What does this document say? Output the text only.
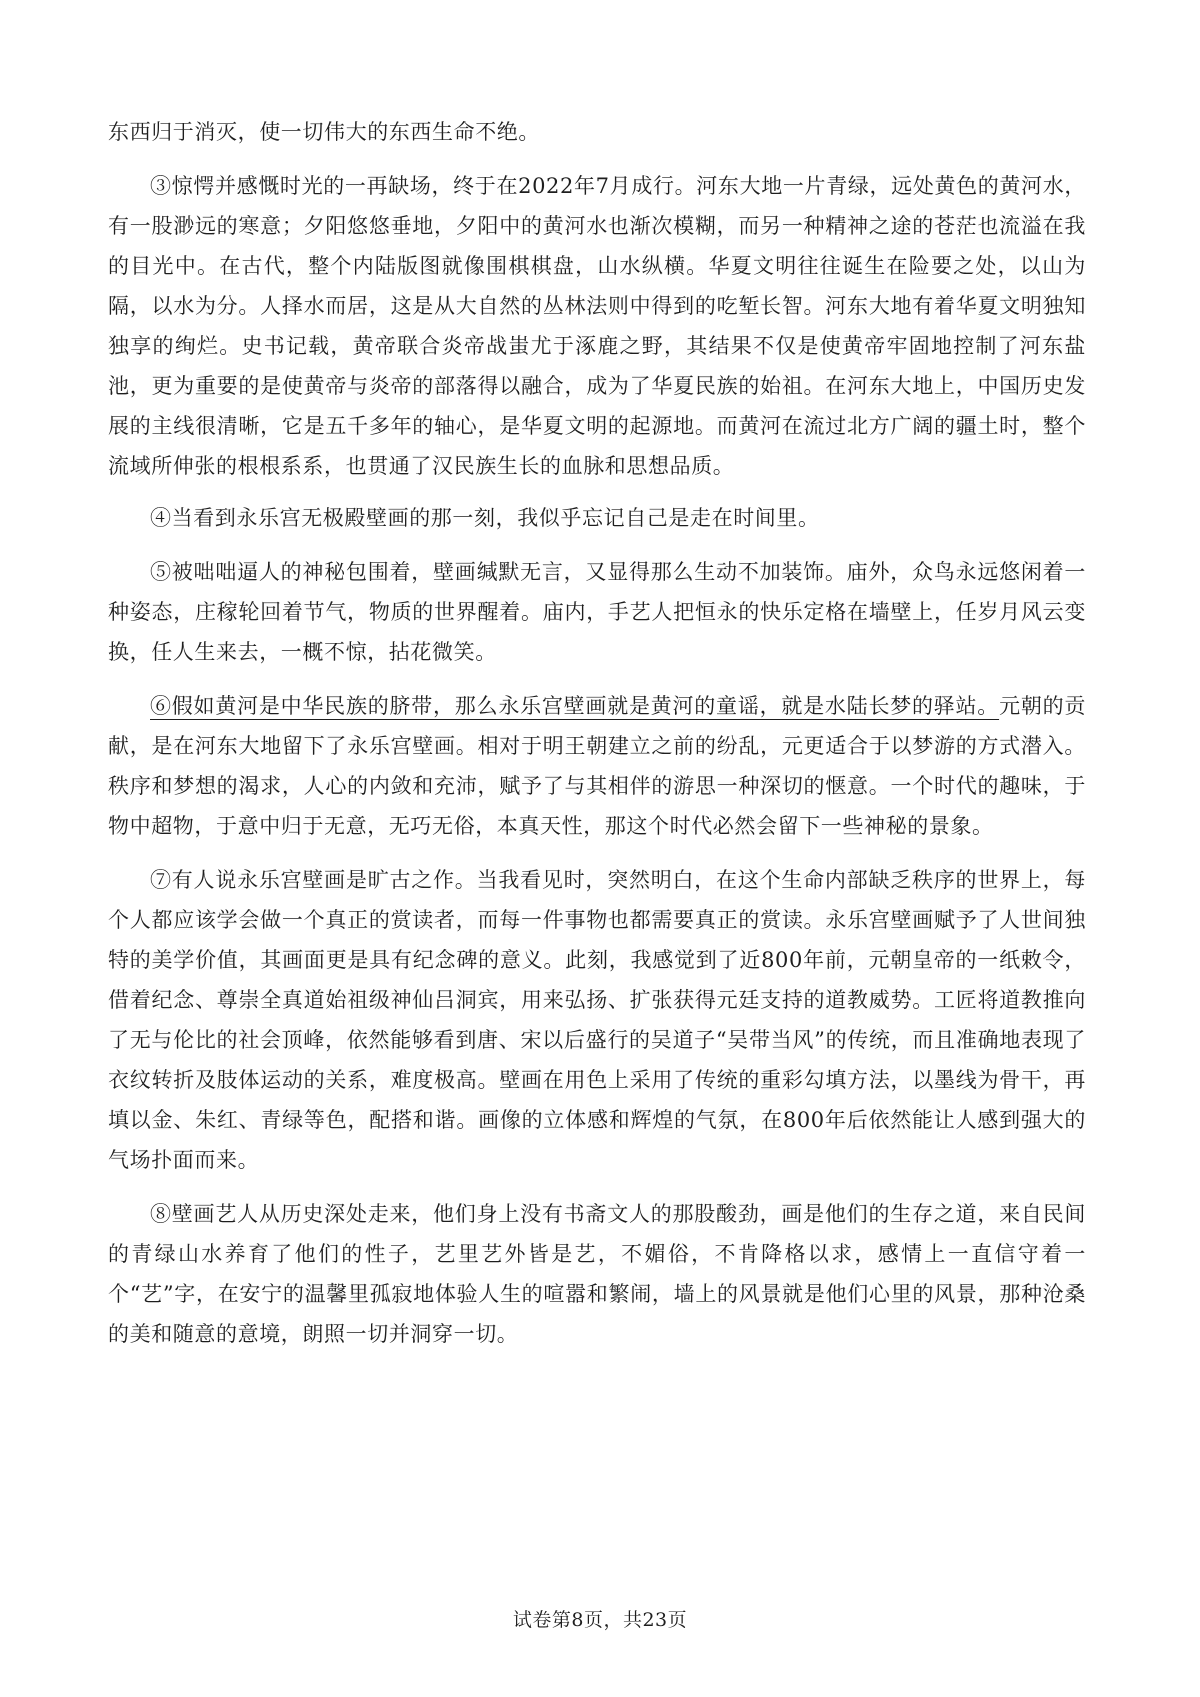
东西归于消灭，使一切伟大的东西生命不绝。

③惊愕并感慨时光的一再缺场，终于在2022年7月成行。河东大地一片青绿，远处黄色的黄河水，有一股渺远的寒意；夕阳悠悠垂地，夕阳中的黄河水也渐次模糊，而另一种精神之途的苍茫也流溢在我的目光中。在古代，整个内陆版图就像围棋棋盘，山水纵横。华夏文明往往诞生在险要之处，以山为隔，以水为分。人择水而居，这是从大自然的丛林法则中得到的吃堑长智。河东大地有着华夏文明独知独享的绚烂。史书记载，黄帝联合炎帝战蚩尤于涿鹿之野，其结果不仅是使黄帝牢固地控制了河东盐池，更为重要的是使黄帝与炎帝的部落得以融合，成为了华夏民族的始祖。在河东大地上，中国历史发展的主线很清晰，它是五千多年的轴心，是华夏文明的起源地。而黄河在流过北方广阔的疆土时，整个流域所伸张的根根系系，也贯通了汉民族生长的血脉和思想品质。

④当看到永乐宫无极殿壁画的那一刻，我似乎忘记自己是走在时间里。

⑤被咄咄逼人的神秘包围着，壁画缄默无言，又显得那么生动不加装饰。庙外，众鸟永远悠闲着一种姿态，庄稼轮回着节气，物质的世界醒着。庙内，手艺人把恒永的快乐定格在墙壁上，任岁月风云变换，任人生来去，一概不惊，拈花微笑。

⑥假如黄河是中华民族的脐带，那么永乐宫壁画就是黄河的童谣，就是水陆长梦的驿站。元朝的贡献，是在河东大地留下了永乐宫壁画。相对于明王朝建立之前的纷乱，元更适合于以梦游的方式潜入。秩序和梦想的渴求，人心的内敛和充沛，赋予了与其相伴的游思一种深切的惬意。一个时代的趣味，于物中超物，于意中归于无意，无巧无俗，本真天性，那这个时代必然会留下一些神秘的景象。

⑦有人说永乐宫壁画是旷古之作。当我看见时，突然明白，在这个生命内部缺乏秩序的世界上，每个人都应该学会做一个真正的赏读者，而每一件事物也都需要真正的赏读。永乐宫壁画赋予了人世间独特的美学价值，其画面更是具有纪念碑的意义。此刻，我感觉到了近800年前，元朝皇帝的一纸敕令，借着纪念、尊崇全真道始祖级神仙吕洞宾，用来弘扬、扩张获得元廷支持的道教威势。工匠将道教推向了无与伦比的社会顶峰，依然能够看到唐、宋以后盛行的吴道子“吴带当风”的传统，而且准确地表现了衣纹转折及肢体运动的关系，难度极高。壁画在用色上采用了传统的重彩勾填方法，以墨线为骨干，再填以金、朱红、青绿等色，配搭和谐。画像的立体感和辉煌的气氛，在800年后依然能让人感到强大的气场扑面而来。

⑧壁画艺人从历史深处走来，他们身上没有书斋文人的那股酸劲，画是他们的生存之道，来自民间的青绿山水养育了他们的性子，艺里艺外皆是艺，不媚俗，不肯降格以求，感情上一直信守着一个“艺”字，在安宁的温馨里孤寂地体验人生的喧嚣和繁闹，墙上的风景就是他们心里的风景，那种沧桑的美和随意的意境，朗照一切并洞穿一切。

试卷第8页，共23页
